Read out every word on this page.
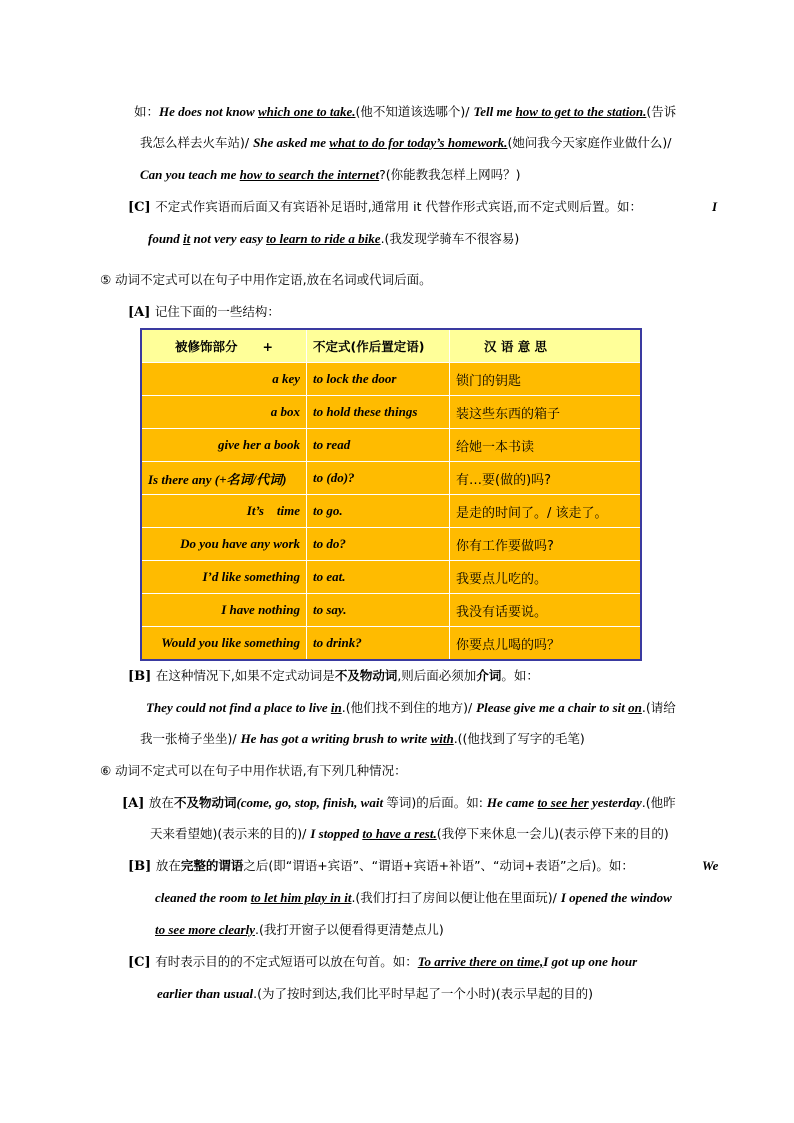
如：He does not know which one to take.(他不知道该选哪个)/ Tell me how to get to the station.(告诉
我怎么样去火车站)/ She asked me what to do for today’s homework.(她问我今天家庭作业做什么)/
Can you teach me how to search the internet?(你能教我怎样上网吗？)
[C] 不定式作宾语而后面又有宾语补足语时,通常用 it 代替作形式宾语,而不定式则后置。如：	I
found it not very easy to learn to ride a bike.(我发现学骑车不很容易)
⑤ 动词不定式可以在句子中用作定语,放在名词或代词后面。
[A] 记住下面的一些结构：
被修饰部分　　+	不定式(作后置定语)	汉 语 意 思
a key	to lock the door	锁门的钥匙
a box	to hold these things	装这些东西的箱子
give her a book	to read	给她一本书读
Is there any (+名词/代词)	to (do)?	有…要(做的)吗?
It’s    time	to go.	是走的时间了。/ 该走了。
Do you have any work	to do?	你有工作要做吗?
I’d like something	to eat.	我要点儿吃的。
I have nothing	to say.	我没有话要说。
Would you like something	to drink?	你要点儿喝的吗？
[B] 在这种情况下,如果不定式动词是不及物动词,则后面必须加介词。如：
They could not find a place to live in.(他们找不到住的地方)/ Please give me a chair to sit on.(请给
我一张椅子坐坐)/ He has got a writing brush to write with.((他找到了写字的毛笔)
⑥ 动词不定式可以在句子中用作状语,有下列几种情况：
[A] 放在不及物动词(come, go, stop, finish, wait 等词)的后面。如: He came to see her yesterday.(他昨
天来看望她)(表示来的目的)/ I stopped to have a rest.(我停下来休息一会儿)(表示停下来的目的)
[B] 放在完整的谓语之后(即“谓语+宾语”、“谓语+宾语+补语”、“动词+表语”之后)。如：	We
cleaned the room to let him play in it.(我们打扫了房间以便让他在里面玩)/ I opened the window
to see more clearly.(我打开窗子以便看得更清楚点儿)
[C] 有时表示目的的不定式短语可以放在句首。如：To arrive there on time,I got up one hour
earlier than usual.(为了按时到达,我们比平时早起了一个小时)(表示早起的目的)
